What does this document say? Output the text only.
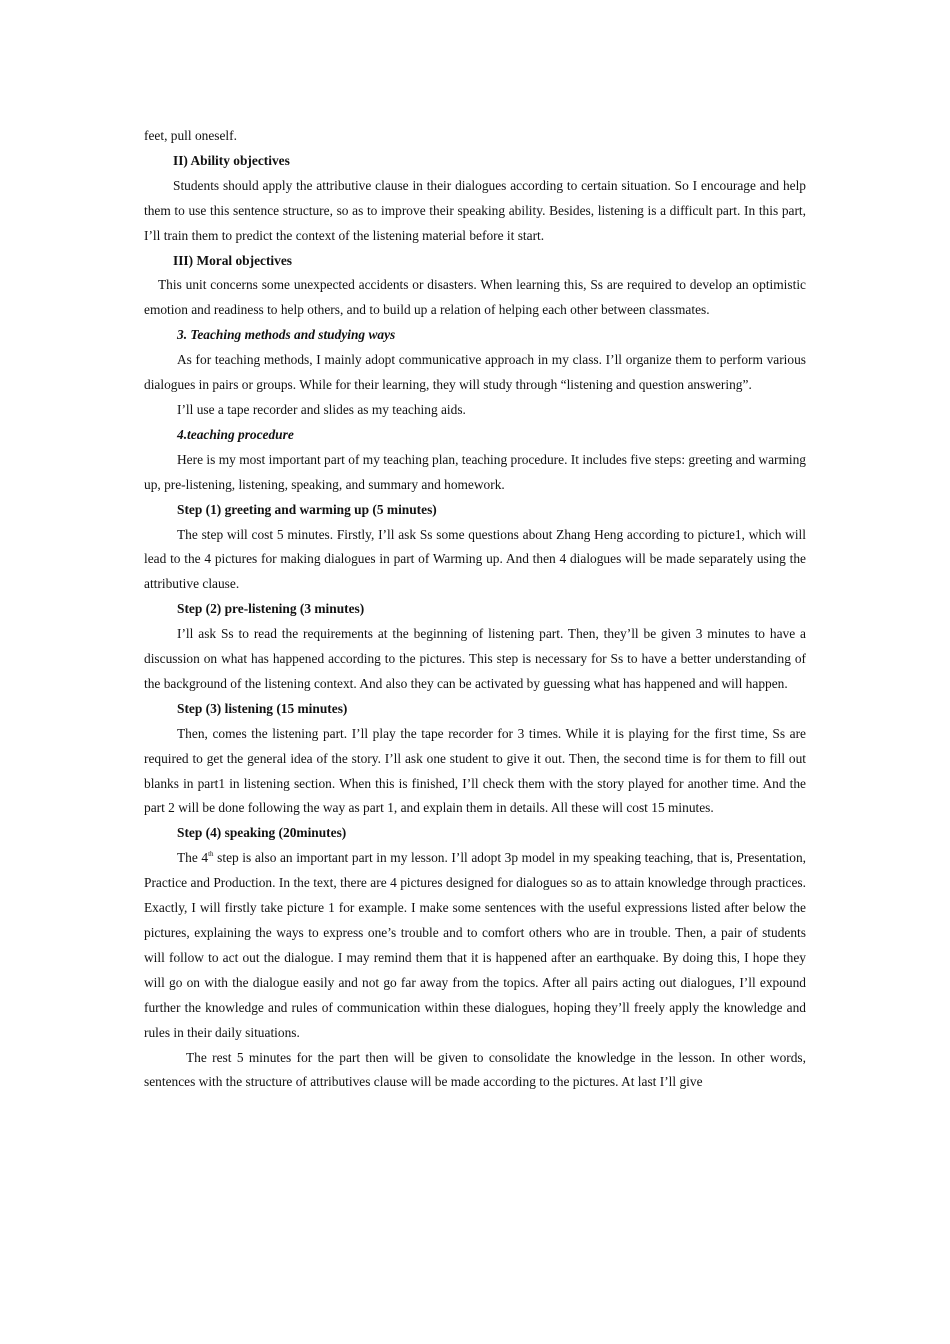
feet, pull oneself.

II) Ability objectives

Students should apply the attributive clause in their dialogues according to certain situation. So I encourage and help them to use this sentence structure, so as to improve their speaking ability. Besides, listening is a difficult part. In this part, I’ll train them to predict the context of the listening material before it start.

III) Moral objectives

This unit concerns some unexpected accidents or disasters. When learning this, Ss are required to develop an optimistic emotion and readiness to help others, and to build up a relation of helping each other between classmates.

3. Teaching methods and studying ways

As for teaching methods, I mainly adopt communicative approach in my class. I’ll organize them to perform various dialogues in pairs or groups. While for their learning, they will study through “listening and question answering”.

I’ll use a tape recorder and slides as my teaching aids.

4.teaching procedure

Here is my most important part of my teaching plan, teaching procedure. It includes five steps: greeting and warming up, pre-listening, listening, speaking, and summary and homework.

Step (1) greeting and warming up (5 minutes)

The step will cost 5 minutes. Firstly, I’ll ask Ss some questions about Zhang Heng according to picture1, which will lead to the 4 pictures for making dialogues in part of Warming up. And then 4 dialogues will be made separately using the attributive clause.

Step (2) pre-listening (3 minutes)

I’ll ask Ss to read the requirements at the beginning of listening part. Then, they’ll be given 3 minutes to have a discussion on what has happened according to the pictures. This step is necessary for Ss to have a better understanding of the background of the listening context. And also they can be activated by guessing what has happened and will happen.

Step (3) listening (15 minutes)

Then, comes the listening part. I’ll play the tape recorder for 3 times. While it is playing for the first time, Ss are required to get the general idea of the story. I’ll ask one student to give it out. Then, the second time is for them to fill out blanks in part1 in listening section. When this is finished, I’ll check them with the story played for another time. And the part 2 will be done following the way as part 1, and explain them in details. All these will cost 15 minutes.

Step (4) speaking (20minutes)

The 4th step is also an important part in my lesson. I’ll adopt 3p model in my speaking teaching, that is, Presentation, Practice and Production. In the text, there are 4 pictures designed for dialogues so as to attain knowledge through practices. Exactly, I will firstly take picture 1 for example. I make some sentences with the useful expressions listed after below the pictures, explaining the ways to express one’s trouble and to comfort others who are in trouble. Then, a pair of students will follow to act out the dialogue. I may remind them that it is happened after an earthquake. By doing this, I hope they will go on with the dialogue easily and not go far away from the topics. After all pairs acting out dialogues, I’ll expound further the knowledge and rules of communication within these dialogues, hoping they’ll freely apply the knowledge and rules in their daily situations.

The rest 5 minutes for the part then will be given to consolidate the knowledge in the lesson. In other words, sentences with the structure of attributives clause will be made according to the pictures. At last I’ll give
